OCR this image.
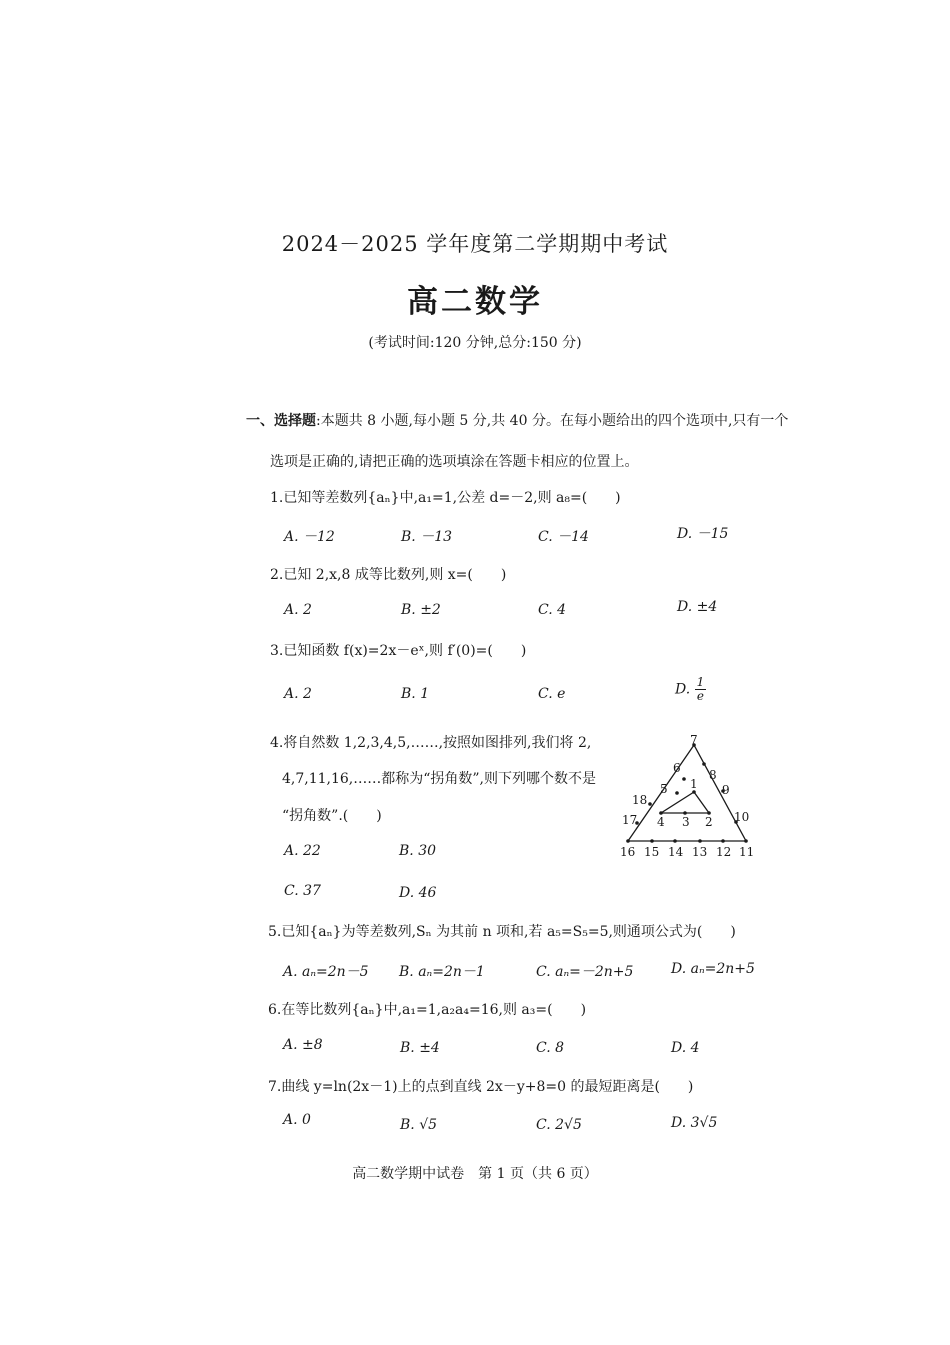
2024－2025 学年度第二学期期中考试
高二数学
(考试时间:120 分钟,总分:150 分)
一、选择题:本题共 8 小题,每小题 5 分,共 40 分。在每小题给出的四个选项中,只有一个
选项是正确的,请把正确的选项填涂在答题卡相应的位置上。
1.已知等差数列{aₙ}中,a₁=1,公差 d=－2,则 a₈=(　　)
A. －12	B. －13	C. －14	D. －15
2.已知 2,x,8 成等比数列,则 x=(　　)
A. 2	B. ±2	C. 4	D. ±4
3.已知函数 f(x)=2x－eˣ,则 f′(0)=(　　)
A. 2	B. 1	C. e	D. $\frac{1}{e}$
4.将自然数 1,2,3,4,5,……,按照如图排列,我们将 2,
4,7,11,16,……都称为“拐角数”,则下列哪个数不是
“拐角数”.(　　)
A. 22	B. 30
C. 37	D. 46
7
6 8
1
5	9
18
17	10
4 3 2
16 15 14 13 12 11
5.已知{aₙ}为等差数列,Sₙ 为其前 n 项和,若 a₅=S₅=5,则通项公式为(　　)
A. aₙ=2n－5 B. aₙ=2n－1	C. aₙ=－2n+5	D. aₙ=2n+5
6.在等比数列{aₙ}中,a₁=1,a₂a₄=16,则 a₃=(　　)
A. ±8	B. ±4	C. 8	D. 4
7.曲线 y=ln(2x－1)上的点到直线 2x－y+8=0 的最短距离是(　　)
A. 0	B. √5	C. 2√5	D. 3√5
高二数学期中试卷　第 1 页（共 6 页）
